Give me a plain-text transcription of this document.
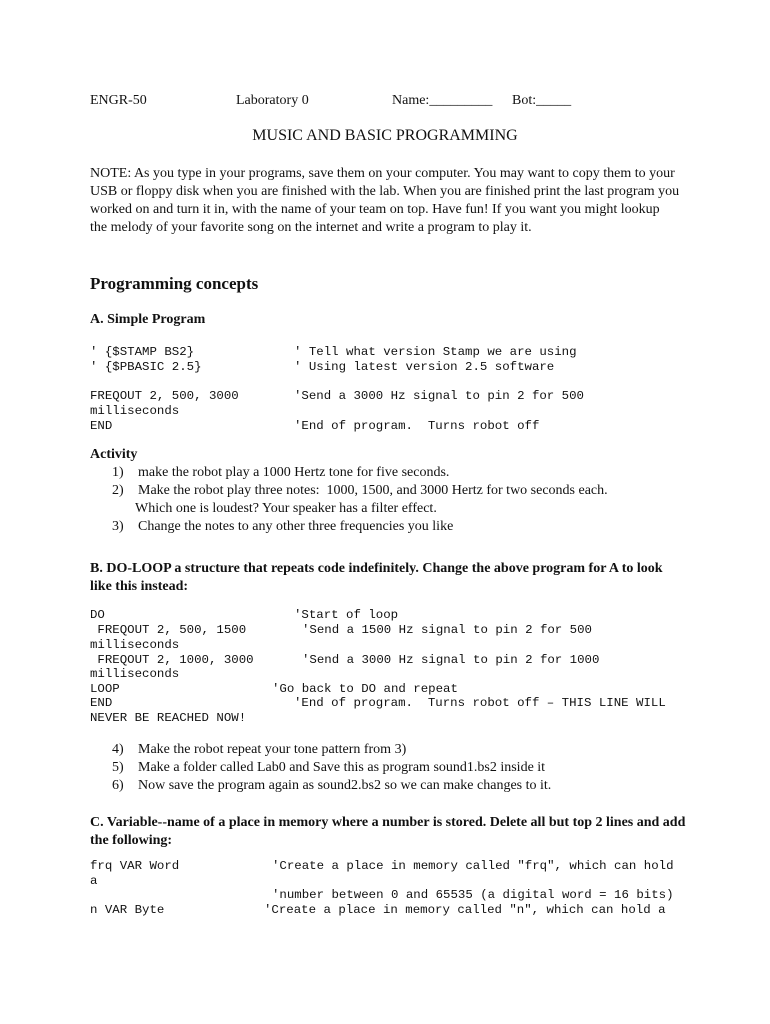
ENGR-50	Laboratory 0	Name:_________ Bot:_____
MUSIC AND BASIC PROGRAMMING
NOTE: As you type in your programs, save them on your computer. You may want to copy them to your USB or floppy disk when you are finished with the lab. When you are finished print the last program you worked on and turn it in, with the name of your team on top. Have fun! If you want you might lookup the melody of your favorite song on the internet and write a program to play it.
Programming concepts
A. Simple Program
' {$STAMP BS2}	' Tell what version Stamp we are using
' {$PBASIC 2.5}	' Using latest version 2.5 software
FREQOUT 2, 500, 3000	'Send a 3000 Hz signal to pin 2 for 500
milliseconds
END	'End of program.  Turns robot off
Activity
1) make the robot play a 1000 Hertz tone for five seconds.
2) Make the robot play three notes:  1000, 1500, and 3000 Hertz for two seconds each.
Which one is loudest? Your speaker has a filter effect.
3) Change the notes to any other three frequencies you like
B. DO-LOOP a structure that repeats code indefinitely. Change the above program for A to look like this instead:
DO	'Start of loop
FREQOUT 2, 500, 1500	'Send a 1500 Hz signal to pin 2 for 500
milliseconds
FREQOUT 2, 1000, 3000	'Send a 3000 Hz signal to pin 2 for 1000
milliseconds
LOOP	'Go back to DO and repeat
END	'End of program.  Turns robot off – THIS LINE WILL
NEVER BE REACHED NOW!
4) Make the robot repeat your tone pattern from 3)
5) Make a folder called Lab0 and Save this as program sound1.bs2 inside it
6) Now save the program again as sound2.bs2 so we can make changes to it.
C. Variable--name of a place in memory where a number is stored. Delete all but top 2 lines and add the following:
frq VAR Word	'Create a place in memory called "frq", which can hold
a
'number between 0 and 65535 (a digital word = 16 bits)
n VAR Byte	'Create a place in memory called "n", which can hold a
